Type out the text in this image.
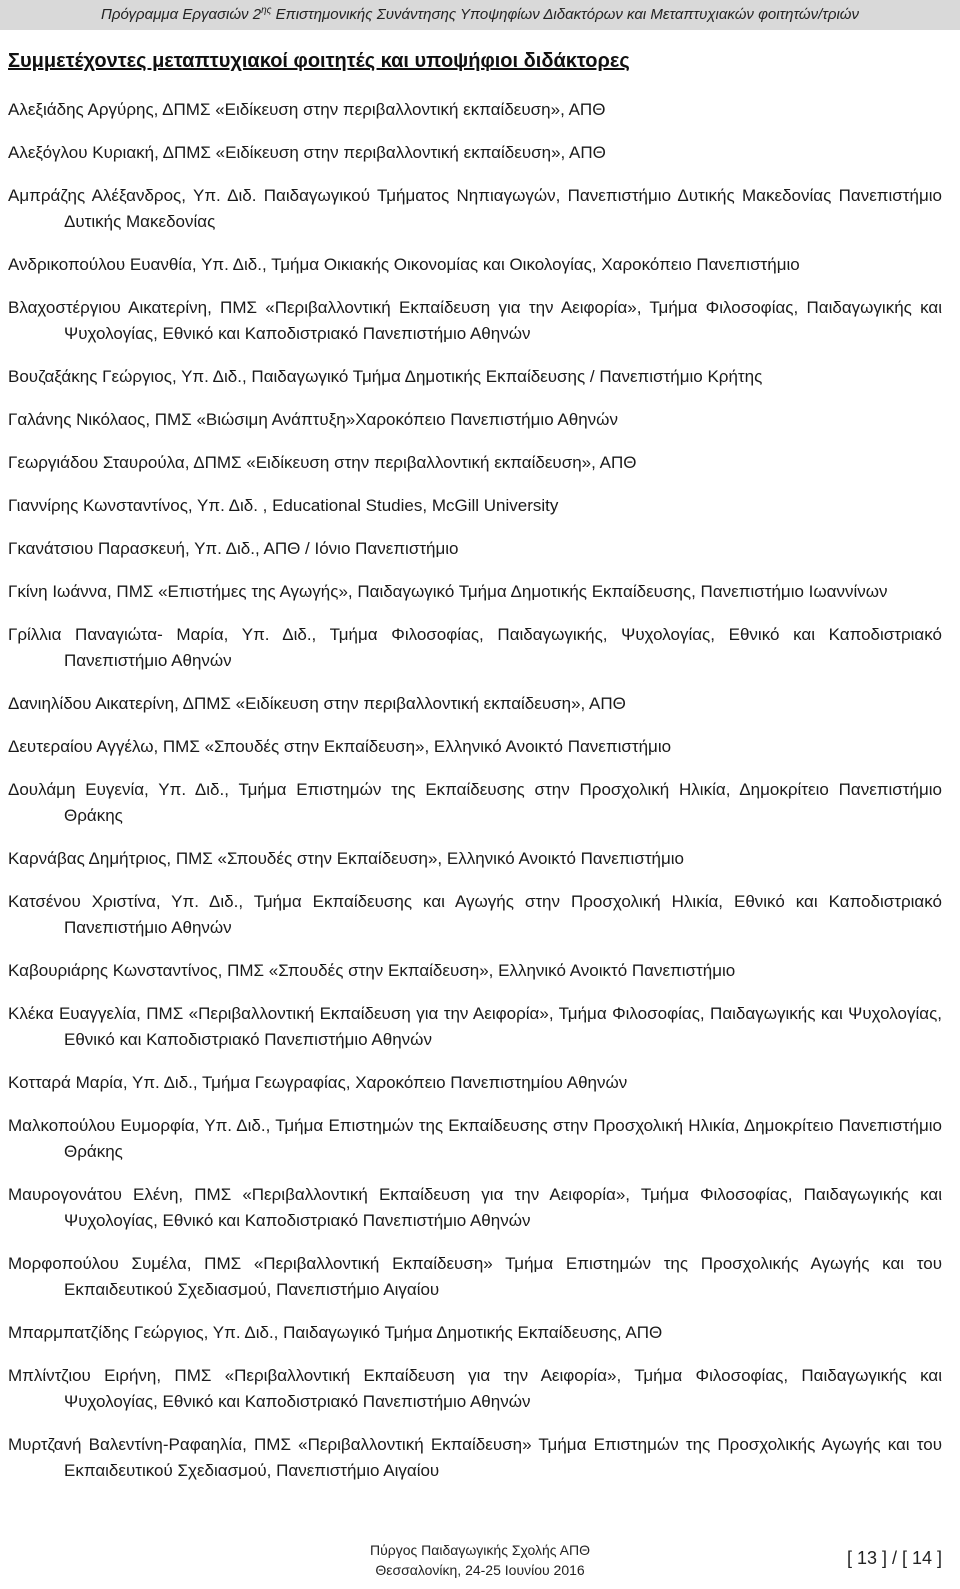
Πρόγραμμα Εργασιών $2^{\eta\varsigma}$ Επιστημονικής Συνάντησης Υποψηφίων Διδακτόρων και Μεταπτυχιακών φοιτητών/τριών
Συμμετέχοντες μεταπτυχιακοί φοιτητές και υποψήφιοι διδάκτορες
Αλεξιάδης Αργύρης, ΔΠΜΣ «Ειδίκευση στην περιβαλλοντική εκπαίδευση», ΑΠΘ
Αλεξόγλου Κυριακή, ΔΠΜΣ «Ειδίκευση στην περιβαλλοντική εκπαίδευση», ΑΠΘ
Αμπράζης Αλέξανδρος, Υπ. Διδ. Παιδαγωγικού Τμήματος Νηπιαγωγών, Πανεπιστήμιο Δυτικής Μακεδονίας Πανεπιστήμιο Δυτικής Μακεδονίας
Ανδρικοπούλου Ευανθία, Υπ. Διδ., Τμήμα Οικιακής Οικονομίας και Οικολογίας, Χαροκόπειο Πανεπιστήμιο
Βλαχοστέργιου Αικατερίνη, ΠΜΣ «Περιβαλλοντική Εκπαίδευση για την Αειφορία», Τμήμα Φιλοσοφίας, Παιδαγωγικής και Ψυχολογίας, Εθνικό και Καποδιστριακό Πανεπιστήμιο Αθηνών
Βουζαξάκης Γεώργιος, Υπ. Διδ., Παιδαγωγικό Τμήμα Δημοτικής Εκπαίδευσης / Πανεπιστήμιο Κρήτης
Γαλάνης Νικόλαος, ΠΜΣ «Βιώσιμη Ανάπτυξη»Χαροκόπειο Πανεπιστήμιο Αθηνών
Γεωργιάδου Σταυρούλα, ΔΠΜΣ «Ειδίκευση στην περιβαλλοντική εκπαίδευση», ΑΠΘ
Γιαννίρης Κωνσταντίνος, Υπ. Διδ. , Educational Studies, McGill University
Γκανάτσιου Παρασκευή, Υπ. Διδ., ΑΠΘ / Ιόνιο Πανεπιστήμιο
Γκίνη Ιωάννα, ΠΜΣ «Επιστήμες της Αγωγής», Παιδαγωγικό Τμήμα Δημοτικής Εκπαίδευσης, Πανεπιστήμιο Ιωαννίνων
Γρίλλια Παναγιώτα- Μαρία, Υπ. Διδ., Τμήμα Φιλοσοφίας, Παιδαγωγικής, Ψυχολογίας, Εθνικό και Καποδιστριακό Πανεπιστήμιο Αθηνών
Δανιηλίδου Αικατερίνη, ΔΠΜΣ «Ειδίκευση στην περιβαλλοντική εκπαίδευση», ΑΠΘ
Δευτεραίου Αγγέλω, ΠΜΣ «Σπουδές στην Εκπαίδευση», Ελληνικό Ανοικτό Πανεπιστήμιο
Δουλάμη Ευγενία, Υπ. Διδ., Τμήμα Επιστημών της Εκπαίδευσης στην Προσχολική Ηλικία, Δημοκρίτειο Πανεπιστήμιο Θράκης
Καρνάβας Δημήτριος, ΠΜΣ «Σπουδές στην Εκπαίδευση», Ελληνικό Ανοικτό Πανεπιστήμιο
Κατσένου Χριστίνα, Υπ. Διδ., Τμήμα Εκπαίδευσης και Αγωγής στην Προσχολική Ηλικία, Εθνικό και Καποδιστριακό Πανεπιστήμιο Αθηνών
Καβουριάρης Κωνσταντίνος, ΠΜΣ «Σπουδές στην Εκπαίδευση», Ελληνικό Ανοικτό Πανεπιστήμιο
Κλέκα Ευαγγελία, ΠΜΣ «Περιβαλλοντική Εκπαίδευση για την Αειφορία», Τμήμα Φιλοσοφίας, Παιδαγωγικής και Ψυχολογίας, Εθνικό και Καποδιστριακό Πανεπιστήμιο Αθηνών
Κοτταρά Μαρία, Υπ. Διδ., Τμήμα Γεωγραφίας, Χαροκόπειο Πανεπιστημίου Αθηνών
Μαλκοπούλου Ευμορφία, Υπ. Διδ., Τμήμα Επιστημών της Εκπαίδευσης στην Προσχολική Ηλικία, Δημοκρίτειο Πανεπιστήμιο Θράκης
Μαυρογονάτου Ελένη, ΠΜΣ «Περιβαλλοντική Εκπαίδευση για την Αειφορία», Τμήμα Φιλοσοφίας, Παιδαγωγικής και Ψυχολογίας, Εθνικό και Καποδιστριακό Πανεπιστήμιο Αθηνών
Μορφοπούλου Συμέλα, ΠΜΣ «Περιβαλλοντική Εκπαίδευση» Τμήμα Επιστημών της Προσχολικής Αγωγής και του Εκπαιδευτικού Σχεδιασμού, Πανεπιστήμιο Αιγαίου
Μπαρμπατζίδης Γεώργιος, Υπ. Διδ., Παιδαγωγικό Τμήμα Δημοτικής Εκπαίδευσης, ΑΠΘ
Μπλίντζιου Ειρήνη, ΠΜΣ «Περιβαλλοντική Εκπαίδευση για την Αειφορία», Τμήμα Φιλοσοφίας, Παιδαγωγικής και Ψυχολογίας, Εθνικό και Καποδιστριακό Πανεπιστήμιο Αθηνών
Μυρτζανή Βαλεντίνη-Ραφαηλία, ΠΜΣ «Περιβαλλοντική Εκπαίδευση» Τμήμα Επιστημών της Προσχολικής Αγωγής και του Εκπαιδευτικού Σχεδιασμού, Πανεπιστήμιο Αιγαίου
Πύργος Παιδαγωγικής Σχολής ΑΠΘ
Θεσσαλονίκη, 24-25 Ιουνίου 2016
[ 13 ] / [ 14 ]
